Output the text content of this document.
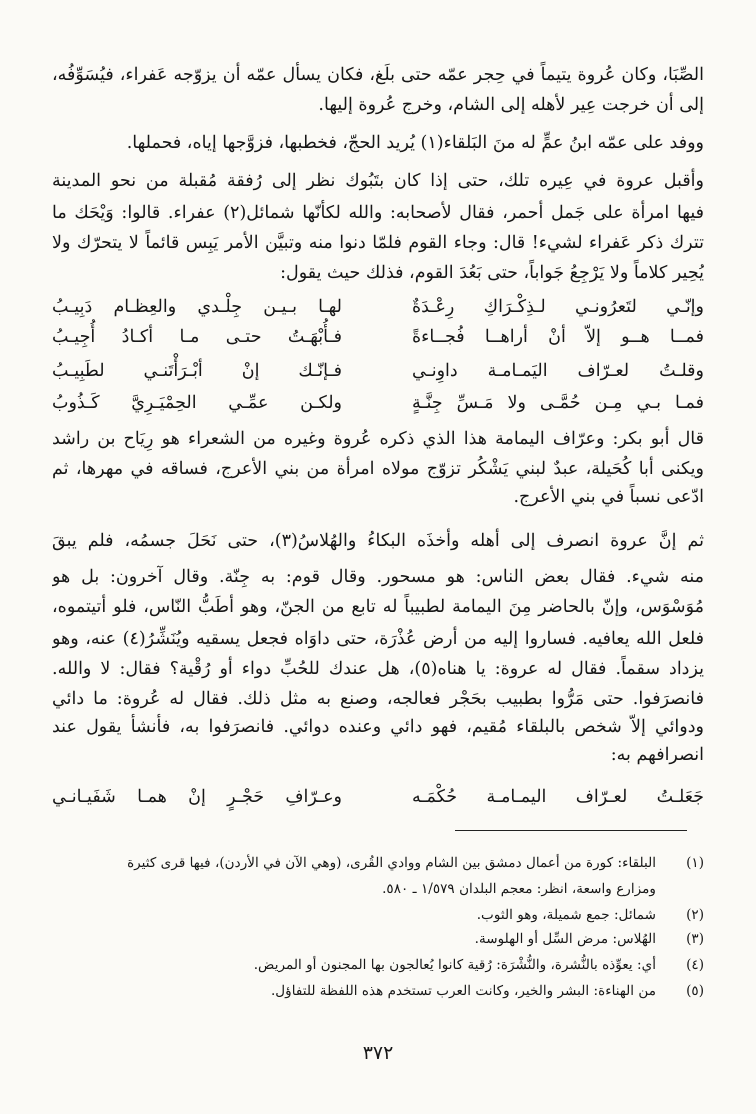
الصِّبَا، وكان عُروة يتيماً في حِجر عمّه حتى بلَغ، فكان يسأل عمّه أن يزوّجه عَفراء، فيُسَوِّفُه،
إلى أن خرجت عِير لأهله إلى الشام، وخرج عُروة إليها.
ووفد على عمّه ابنُ عمٍّ له منَ البَلقاء(١) يُريد الحجّ، فخطبها، فزوَّجها إياه، فحملها.
وأقبل عروة في عِيره تلك، حتى إذا كان بتَبُوك نظر إلى رُفقة مُقبلة من نحو المدينة
فيها امرأة على جَمل أحمر، فقال لأصحابه: والله لكأنّها شمائل(٢) عفراء. قالوا: وَيْحَك ما
تترك ذكر عَفراء لشيء! قال: وجاء القوم فلمّا دنوا منه وتبيَّن الأمر يَبِس قائماً لا يتحرّك ولا
يُحِير كلاماً ولا يَرْجِعُ جَواباً، حتى بَعُدَ القوم، فذلك حيث يقول:
وإنّـي لتَعرُونـي لـذِكْـرَاكِ رِعْـدَةٌ
لهـا بـيـن جِلْـدي والعِظـام دَبِيـبُ
فمــا هــو إلاّ أنْ أراهــا فُجــاءةً
فـأُبْهَـتُ حتـى مـا أكـادُ أُجِيـبُ
وقلـتُ لعـرّاف اليَمـامـة داوِنـي
فـإنّـك إنْ أبْـرَأْتَنـي لطَبِيـبُ
فمـا بـي مِـن حُمَّـى ولا مَـسِّ جِنَّـةٍ
ولكـن عمِّـي الحِمْيَـرِيَّ كَـذُوبُ
قال أبو بكر: وعرّاف اليمامة هذا الذي ذكره عُروة وغيره من الشعراء هو رِيَاح بن راشد
ويكنى أبا كُحَيلة، عبدٌ لبني يَشْكُر تزوّج مولاه امرأة من بني الأعرج، فساقه في مهرها، ثم
ادّعى نسباً في بني الأعرج.
ثم إنَّ عروة انصرف إلى أهله وأخذَه البكاءُ والهُلاسُ(٣)، حتى نَحَلَ جسمُه، فلم يبقَ
منه شيء. فقال بعض الناس: هو مسحور. وقال قوم: به جِنّة. وقال آخرون: بل هو
مُوَسْوَس، وإنّ بالحاضر مِنَ اليمامة لطبيباً له تابع من الجنّ، وهو أطَبُّ النّاس، فلو أتيتموه،
فلعل الله يعافيه. فساروا إليه من أرض عُذْرَة، حتى داوَاه فجعل يسقيه ويُنَشِّرُ(٤) عنه، وهو
يزداد سقماً. فقال له عروة: يا هناه(٥)، هل عندك للحُبِّ دواء أو رُقْية؟ فقال: لا والله.
فانصرَفوا. حتى مَرُّوا بطبيب بحَجْر فعالجه، وصنع به مثل ذلك. فقال له عُروة: ما دائي
ودوائي إلاّ شخص بالبلقاء مُقيم، فهو دائي وعنده دوائي. فانصرَفوا به، فأنشأ يقول عند
انصرافهم به:
جَعَلـتُ لعـرّاف اليمـامـة حُكْمَـه
وعـرّافِ حَجْـرٍ إنْ همـا شَفَيـانـي
(١)
البلقاء: كورة من أعمال دمشق بين الشام ووادي القُرى، (وهي الآن في الأردن)، فيها قرى كثيرة
ومزارع واسعة، انظر: معجم البلدان ١/٥٧٩ ـ ٥٨٠.
(٢)
شمائل: جمع شميلة، وهو الثوب.
(٣)
الهُلاس: مرض السِّل أو الهلوسة.
(٤)
أي: يعوِّذه بالنُّشرة، والنُّشْرَة: رُقية كانوا يُعالجون بها المجنون أو المريض.
(٥)
من الهناءة: البشر والخير، وكانت العرب تستخدم هذه اللفظة للتفاؤل.
٣٧٢
